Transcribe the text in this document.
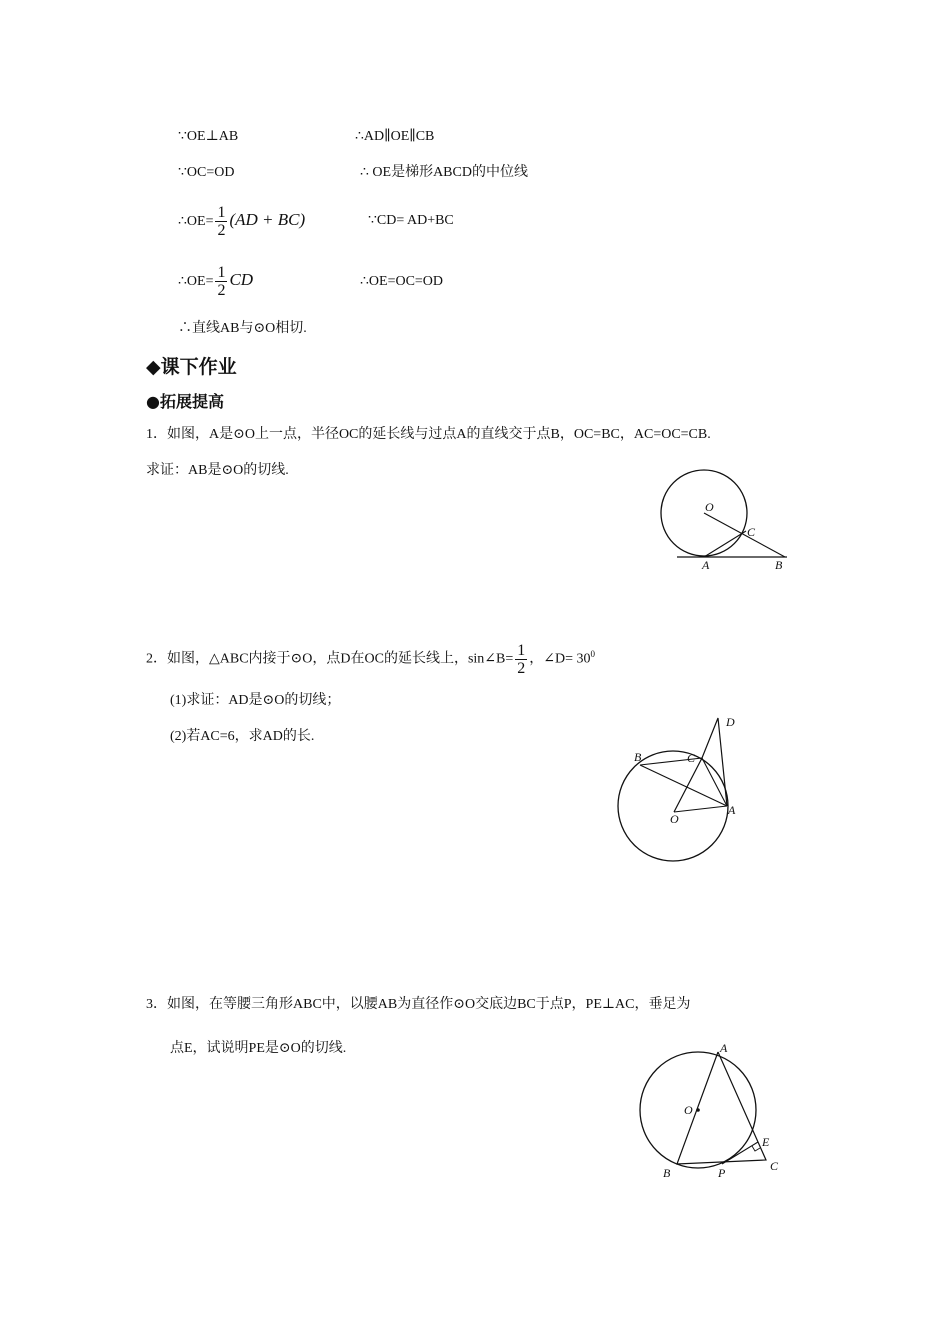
∵OE⊥AB	∴AD∥OE∥CB
∵OC=OD	∴ OE是梯形ABCD的中位线
∴OE= $\frac{1}{2} (AD + BC)$	∵CD= AD+BC
∴OE= $\frac{1}{2}$ CD	∴OE=OC=OD
∴直线AB与⊙O相切.
◆课下作业
●拓展提高
1．如图，A是⊙O上一点，半径OC的延长线与过点A的直线交于点B，OC=BC，AC=OC=CB.
求证：AB是⊙O的切线.
O
C
A	B
2．如图，△ABC内接于⊙O，点D在OC的延长线上，sin∠B= $\frac{1}{2}$ ，∠D= $30^0$
(1)求证：AD是⊙O的切线；
(2)若AC=6，求AD的长.
D
B	C
O
A
3．如图，在等腰三角形ABC中，以腰AB为直径作⊙O交底边BC于点P，PE⊥AC，垂足为
点E，试说明PE是⊙O的切线.	A
O
E
B	P	C
